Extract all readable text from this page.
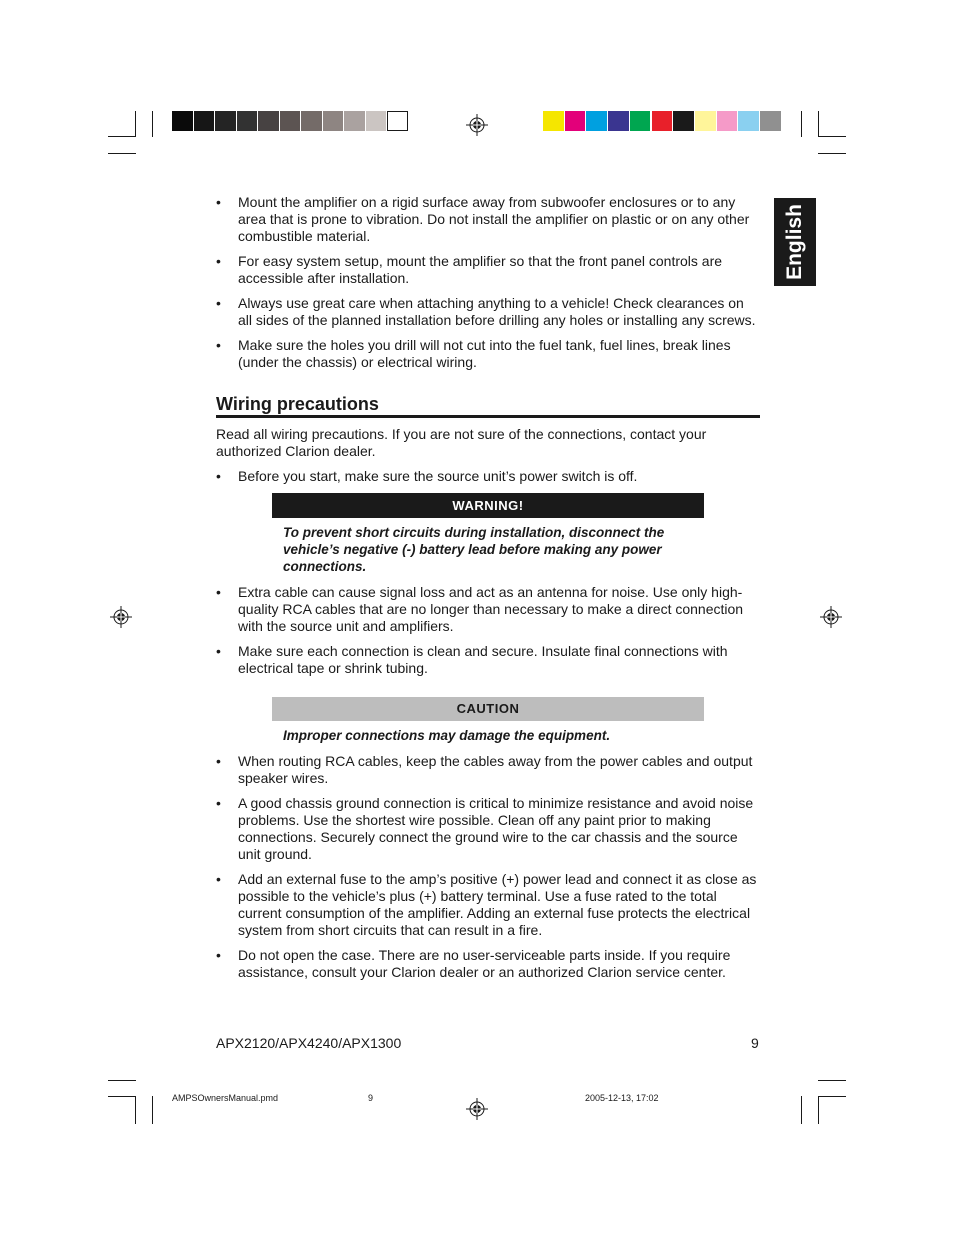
English
•	Mount the amplifier on a rigid surface away from subwoofer enclosures or to any area that is prone to vibration. Do not install the amplifier on plastic or on any other combustible material.
•	For easy system setup, mount the amplifier so that the front panel controls are accessible after installation.
•	Always use great care when attaching anything to a vehicle! Check clearances on all sides of the planned installation before drilling any holes or installing any screws.
•	Make sure the holes you drill will not cut into the fuel tank, fuel lines, break lines (under the chassis) or electrical wiring.
Wiring precautions
Read all wiring precautions. If you are not sure of the connections, contact your authorized Clarion dealer.
•	Before you start, make sure the source unit’s power switch is off.
WARNING!
To prevent short circuits during installation, disconnect the vehicle’s negative (-) battery lead before making any power connections.
•	Extra cable can cause signal loss and act as an antenna for noise. Use only high-quality RCA cables that are no longer than necessary to make a direct connection with the source unit and amplifiers.
•	Make sure each connection is clean and secure. Insulate final connections with electrical tape or shrink tubing.
CAUTION
Improper connections may damage the equipment.
•	When routing RCA cables, keep the cables away from the power cables and output speaker wires.
•	A good chassis ground connection is critical to minimize resistance and avoid noise problems. Use the shortest wire possible. Clean off any paint prior to making connections. Securely connect the ground wire to the car chassis and the source unit ground.
•	Add an external fuse to the amp’s positive (+) power lead and connect it as close as possible to the vehicle’s plus (+) battery terminal. Use a fuse rated to the total current consumption of the amplifier. Adding an external fuse protects the electrical system from short circuits that can result in a fire.
•	Do not open the case. There are no user-serviceable parts inside. If you require assistance, consult your Clarion dealer or an authorized Clarion service center.
APX2120/APX4240/APX1300	9
AMPSOwnersManual.pmd	9	2005-12-13, 17:02
